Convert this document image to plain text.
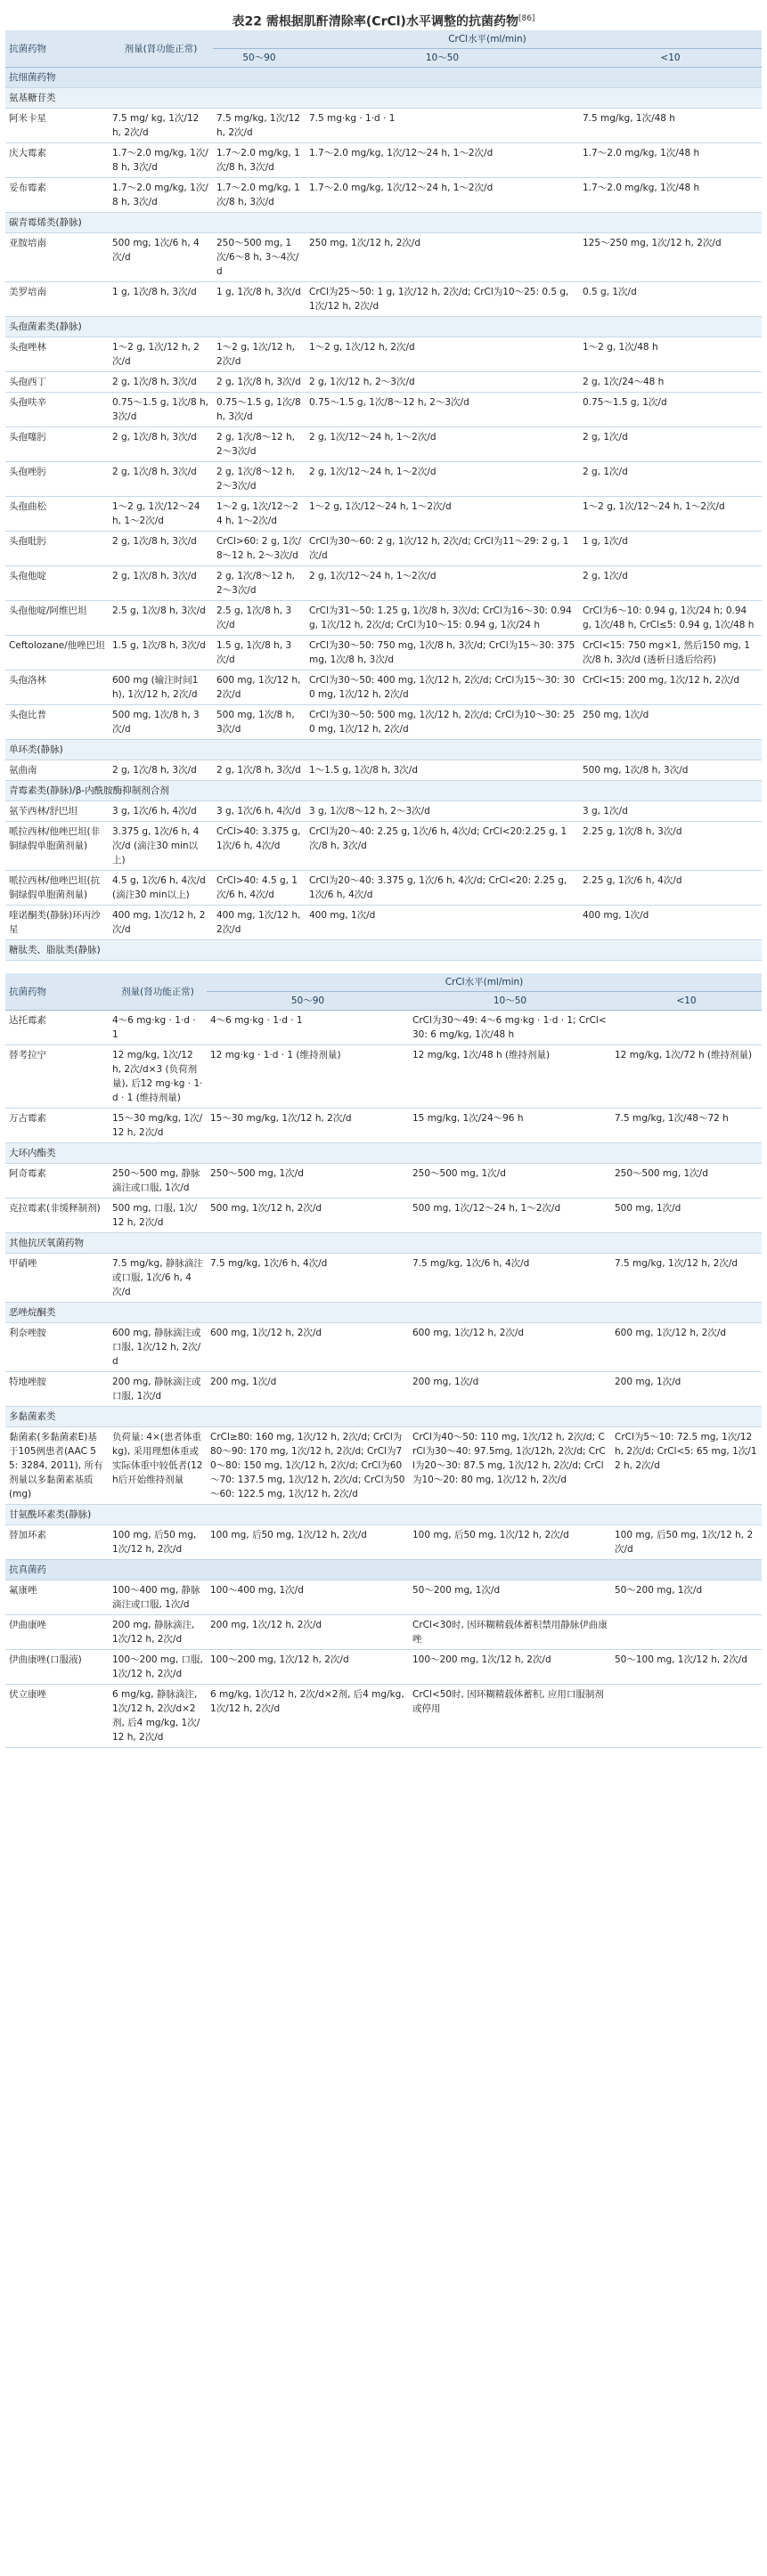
表22 需根据肌酐清除率(CrCl)水平调整的抗菌药物[86]
抗菌药物	剂量(肾功能正常)	CrCl水平(ml/min)		
		50～90	10～50	<10
抗细菌药物				
氨基糖苷类				
阿米卡星	7.5 mg/ kg, 1次/12 h, 2次/d	7.5 mg/kg, 1次/12 h, 2次/d	7.5 mg·kg · 1·d · 1	7.5 mg/kg, 1次/48 h
庆大霉素	1.7～2.0 mg/kg, 1次/8 h, 3次/d	1.7～2.0 mg/kg, 1次/8 h, 3次/d	1.7～2.0 mg/kg, 1次/12～24 h, 1～2次/d	1.7～2.0 mg/kg, 1次/48 h
妥布霉素	1.7～2.0 mg/kg, 1次/8 h, 3次/d	1.7～2.0 mg/kg, 1次/8 h, 3次/d	1.7～2.0 mg/kg, 1次/12～24 h, 1～2次/d	1.7～2.0 mg/kg, 1次/48 h
碳青霉烯类(静脉)				
亚胺培南	500 mg, 1次/6 h, 4次/d	250～500 mg, 1次/6～8 h, 3～4次/d	250 mg, 1次/12 h, 2次/d	125～250 mg, 1次/12 h, 2次/d
美罗培南	1 g, 1次/8 h, 3次/d	1 g, 1次/8 h, 3次/d	CrCl为25～50: 1 g, 1次/12 h, 2次/d; CrCl为10～25: 0.5 g, 1次/12 h, 2次/d	0.5 g, 1次/d
头孢菌素类(静脉)				
头孢唑林	1～2 g, 1次/12 h, 2次/d	1～2 g, 1次/12 h, 2次/d	1～2 g, 1次/12 h, 2次/d	1～2 g, 1次/48 h
头孢西丁	2 g, 1次/8 h, 3次/d	2 g, 1次/8 h, 3次/d	2 g, 1次/12 h, 2～3次/d	2 g, 1次/24～48 h
头孢呋辛	0.75～1.5 g, 1次/8 h, 3次/d	0.75～1.5 g, 1次/8 h, 3次/d	0.75～1.5 g, 1次/8～12 h, 2～3次/d	0.75～1.5 g, 1次/d
头孢噻肟	2 g, 1次/8 h, 3次/d	2 g, 1次/8～12 h, 2～3次/d	2 g, 1次/12～24 h, 1～2次/d	2 g, 1次/d
头孢唑肟	2 g, 1次/8 h, 3次/d	2 g, 1次/8～12 h, 2～3次/d	2 g, 1次/12～24 h, 1～2次/d	2 g, 1次/d
头孢曲松	1～2 g, 1次/12～24 h, 1～2次/d	1～2 g, 1次/12～24 h, 1～2次/d	1～2 g, 1次/12～24 h, 1～2次/d	1～2 g, 1次/12～24 h, 1～2次/d
头孢吡肟	2 g, 1次/8 h, 3次/d	CrCl>60: 2 g, 1次/8～12 h, 2～3次/d	CrCl为30～60: 2 g, 1次/12 h, 2次/d; CrCl为11～29: 2 g, 1次/d	1 g, 1次/d
头孢他啶	2 g, 1次/8 h, 3次/d	2 g, 1次/8～12 h, 2～3次/d	2 g, 1次/12～24 h, 1～2次/d	2 g, 1次/d
头孢他啶/阿维巴坦	2.5 g, 1次/8 h, 3次/d	2.5 g, 1次/8 h, 3次/d	CrCl为31～50: 1.25 g, 1次/8 h, 3次/d; CrCl为16～30: 0.94 g, 1次/12 h, 2次/d; CrCl为10～15: 0.94 g, 1次/24 h	CrCl为6～10: 0.94 g, 1次/24 h; 0.94 g, 1次/48 h, CrCl≤5: 0.94 g, 1次/48 h
Ceftolozane/他唑巴坦	1.5 g, 1次/8 h, 3次/d	1.5 g, 1次/8 h, 3次/d	CrCl为30～50: 750 mg, 1次/8 h, 3次/d; CrCl为15～30: 375 mg, 1次/8 h, 3次/d	CrCl<15: 750 mg×1, 然后150 mg, 1次/8 h, 3次/d (透析日透后给药)
头孢洛林	600 mg (输注时间1 h), 1次/12 h, 2次/d	600 mg, 1次/12 h, 2次/d	CrCl为30～50: 400 mg, 1次/12 h, 2次/d; CrCl为15～30: 300 mg, 1次/12 h, 2次/d	CrCl<15: 200 mg, 1次/12 h, 2次/d
头孢比普	500 mg, 1次/8 h, 3次/d	500 mg, 1次/8 h, 3次/d	CrCl为30～50: 500 mg, 1次/12 h, 2次/d; CrCl为10～30: 250 mg, 1次/12 h, 2次/d	250 mg, 1次/d
单环类(静脉)				
氨曲南	2 g, 1次/8 h, 3次/d	2 g, 1次/8 h, 3次/d	1～1.5 g, 1次/8 h, 3次/d	500 mg, 1次/8 h, 3次/d
青霉素类(静脉)/β-内酰胺酶抑制剂合剂				
氨苄西林/舒巴坦	3 g, 1次/6 h, 4次/d	3 g, 1次/6 h, 4次/d	3 g, 1次/8～12 h, 2～3次/d	3 g, 1次/d
哌拉西林/他唑巴坦(非铜绿假单胞菌剂量)	3.375 g, 1次/6 h, 4次/d (滴注30 min以上)	CrCl>40: 3.375 g, 1次/6 h, 4次/d	CrCl为20～40: 2.25 g, 1次/6 h, 4次/d; CrCl<20:2.25 g, 1次/8 h, 3次/d	2.25 g, 1次/8 h, 3次/d
哌拉西林/他唑巴坦(抗铜绿假单胞菌剂量)	4.5 g, 1次/6 h, 4次/d (滴注30 min以上)	CrCl>40: 4.5 g, 1次/6 h, 4次/d	CrCl为20～40: 3.375 g, 1次/6 h, 4次/d; CrCl<20: 2.25 g, 1次/6 h, 4次/d	2.25 g, 1次/6 h, 4次/d
喹诺酮类(静脉)环丙沙星	400 mg, 1次/12 h, 2次/d	400 mg, 1次/12 h, 2次/d	400 mg, 1次/d	400 mg, 1次/d
糖肽类、脂肽类(静脉)				
抗菌药物	剂量(肾功能正常)	CrCl水平(ml/min)		
		50～90	10～50	<10
达托霉素	4～6 mg·kg · 1·d · 1	4～6 mg·kg · 1·d · 1	CrCl为30～49: 4～6 mg·kg · 1·d · 1; CrCl<30: 6 mg/kg, 1次/48 h	
替考拉宁	12 mg/kg, 1次/12 h, 2次/d×3 (负荷剂量), 后12 mg·kg · 1·d · 1 (维持剂量)	12 mg·kg · 1·d · 1 (维持剂量)	12 mg/kg, 1次/48 h (维持剂量)	12 mg/kg, 1次/72 h (维持剂量)
万古霉素	15～30 mg/kg, 1次/12 h, 2次/d	15～30 mg/kg, 1次/12 h, 2次/d	15 mg/kg, 1次/24～96 h	7.5 mg/kg, 1次/48～72 h
大环内酯类				
阿奇霉素	250～500 mg, 静脉滴注或口服, 1次/d	250～500 mg, 1次/d	250～500 mg, 1次/d	250～500 mg, 1次/d
克拉霉素(非缓释制剂)	500 mg, 口服, 1次/12 h, 2次/d	500 mg, 1次/12 h, 2次/d	500 mg, 1次/12～24 h, 1～2次/d	500 mg, 1次/d
其他抗厌氧菌药物				
甲硝唑	7.5 mg/kg, 静脉滴注或口服, 1次/6 h, 4次/d	7.5 mg/kg, 1次/6 h, 4次/d	7.5 mg/kg, 1次/6 h, 4次/d	7.5 mg/kg, 1次/12 h, 2次/d
恶唑烷酮类				
利奈唑胺	600 mg, 静脉滴注或口服, 1次/12 h, 2次/d	600 mg, 1次/12 h, 2次/d	600 mg, 1次/12 h, 2次/d	600 mg, 1次/12 h, 2次/d
特地唑胺	200 mg, 静脉滴注或口服, 1次/d	200 mg, 1次/d	200 mg, 1次/d	200 mg, 1次/d
多黏菌素类				
黏菌素(多黏菌素E)基于105例患者(AAC 55: 3284, 2011), 所有剂量以多黏菌素基质(mg)	负荷量: 4×(患者体重kg), 采用理想体重或实际体重中较低者(12 h后开始维持剂量	CrCl≥80: 160 mg, 1次/12 h, 2次/d; CrCl为80～90: 170 mg, 1次/12 h, 2次/d; CrCl为70～80: 150 mg, 1次/12 h, 2次/d; CrCl为60～70: 137.5 mg, 1次/12 h, 2次/d; CrCl为50～60: 122.5 mg, 1次/12 h, 2次/d	CrCl为40～50: 110 mg, 1次/12 h, 2次/d; CrCl为30～40: 97.5mg, 1次/12h, 2次/d; CrCl为20～30: 87.5 mg, 1次/12 h, 2次/d; CrCl为10～20: 80 mg, 1次/12 h, 2次/d	CrCl为5～10: 72.5 mg, 1次/12 h, 2次/d; CrCl<5: 65 mg, 1次/12 h, 2次/d
甘氨酰环素类(静脉)				
替加环素	100 mg, 后50 mg, 1次/12 h, 2次/d	100 mg, 后50 mg, 1次/12 h, 2次/d	100 mg, 后50 mg, 1次/12 h, 2次/d	100 mg, 后50 mg, 1次/12 h, 2次/d
抗真菌药				
氟康唑	100～400 mg, 静脉滴注或口服, 1次/d	100～400 mg, 1次/d	50～200 mg, 1次/d	50～200 mg, 1次/d
伊曲康唑	200 mg, 静脉滴注, 1次/12 h, 2次/d	200 mg, 1次/12 h, 2次/d	CrCl<30时, 因环糊精载体蓄积禁用静脉伊曲康唑	
伊曲康唑(口服液)	100～200 mg, 口服, 1次/12 h, 2次/d	100～200 mg, 1次/12 h, 2次/d	100～200 mg, 1次/12 h, 2次/d	50～100 mg, 1次/12 h, 2次/d
伏立康唑	6 mg/kg, 静脉滴注, 1次/12 h, 2次/d×2剂, 后4 mg/kg, 1次/12 h, 2次/d	6 mg/kg, 1次/12 h, 2次/d×2剂, 后4 mg/kg, 1次/12 h, 2次/d	CrCl<50时, 因环糊精载体蓄积, 应用口服制剂或停用	
